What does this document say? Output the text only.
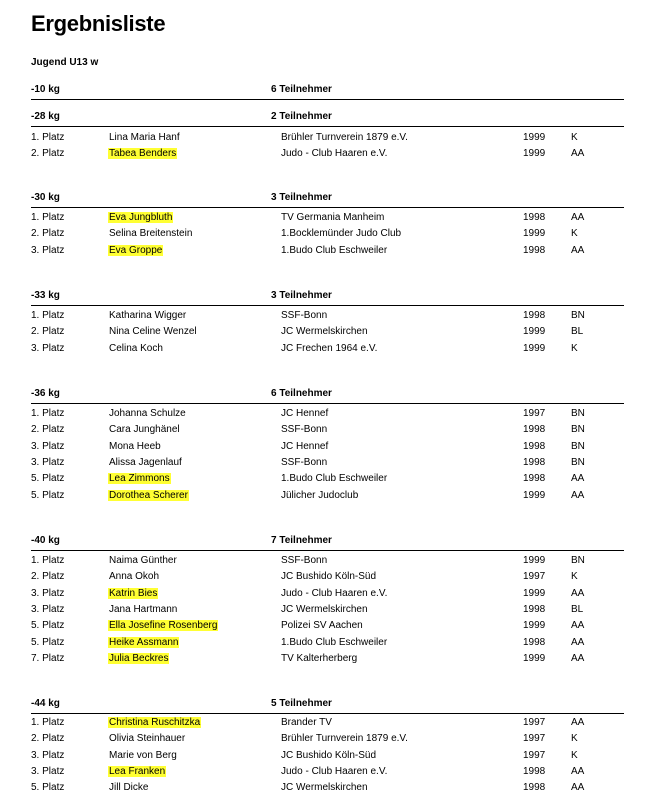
Ergebnisliste
Jugend U13 w
-10 kg	6 Teilnehmer
-28 kg	2 Teilnehmer
1. Platz	Lina Maria Hanf	Brühler Turnverein 1879 e.V.	1999	K
2. Platz	Tabea Benders	Judo - Club Haaren e.V.	1999	AA
-30 kg	3 Teilnehmer
1. Platz	Eva Jungbluth	TV Germania Manheim	1998	AA
2. Platz	Selina Breitenstein	1.Bocklemünder Judo Club	1999	K
3. Platz	Eva Groppe	1.Budo Club Eschweiler	1998	AA
-33 kg	3 Teilnehmer
1. Platz	Katharina Wigger	SSF-Bonn	1998	BN
2. Platz	Nina Celine Wenzel	JC Wermelskirchen	1999	BL
3. Platz	Celina Koch	JC Frechen 1964 e.V.	1999	K
-36 kg	6 Teilnehmer
1. Platz	Johanna Schulze	JC Hennef	1997	BN
2. Platz	Cara Junghänel	SSF-Bonn	1998	BN
3. Platz	Mona Heeb	JC Hennef	1998	BN
3. Platz	Alissa Jagenlauf	SSF-Bonn	1998	BN
5. Platz	Lea Zimmons	1.Budo Club Eschweiler	1998	AA
5. Platz	Dorothea Scherer	Jülicher Judoclub	1999	AA
-40 kg	7 Teilnehmer
1. Platz	Naima Günther	SSF-Bonn	1999	BN
2. Platz	Anna Okoh	JC Bushido Köln-Süd	1997	K
3. Platz	Katrin Bies	Judo - Club Haaren e.V.	1999	AA
3. Platz	Jana Hartmann	JC Wermelskirchen	1998	BL
5. Platz	Ella Josefine Rosenberg	Polizei SV Aachen	1999	AA
5. Platz	Heike Assmann	1.Budo Club Eschweiler	1998	AA
7. Platz	Julia Beckres	TV Kalterherberg	1999	AA
-44 kg	5 Teilnehmer
1. Platz	Christina Ruschitzka	Brander TV	1997	AA
2. Platz	Olivia Steinhauer	Brühler Turnverein 1879 e.V.	1997	K
3. Platz	Marie von Berg	JC Bushido Köln-Süd	1997	K
3. Platz	Lea Franken	Judo - Club Haaren e.V.	1998	AA
5. Platz	Jill Dicke	JC Wermelskirchen	1998	AA
